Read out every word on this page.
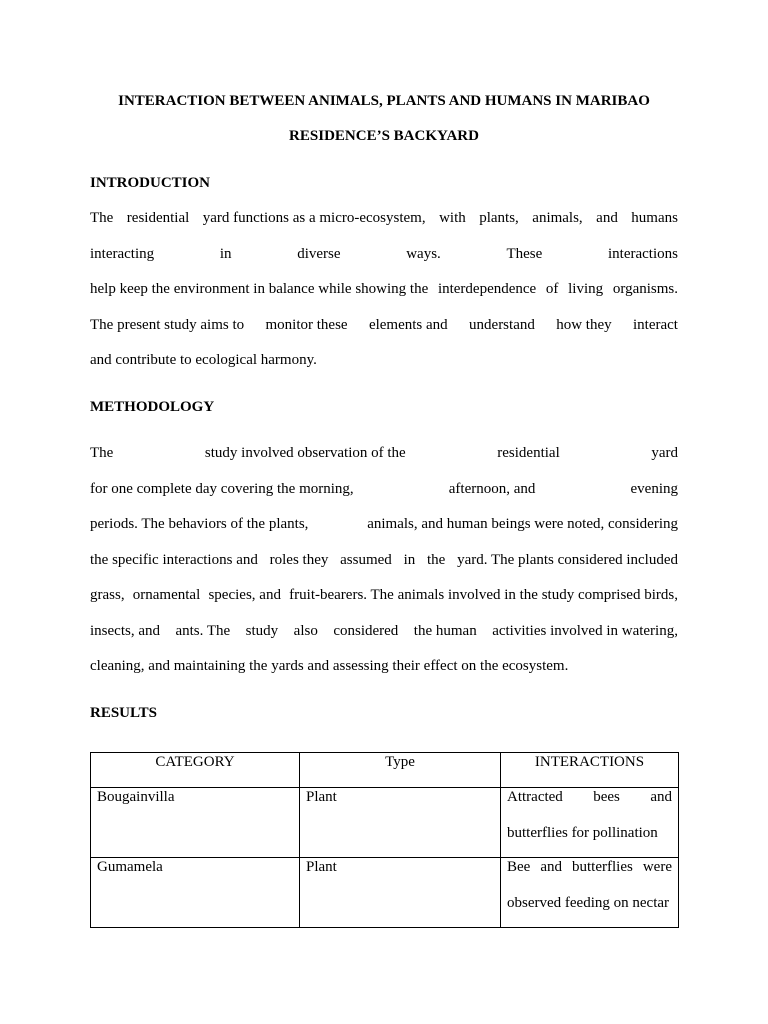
INTERACTION BETWEEN ANIMALS, PLANTS AND HUMANS IN MARIBAO
RESIDENCE’S BACKYARD
INTRODUCTION
The residential yard functions as a micro-ecosystem, with plants, animals, and humans
interacting	in	diverse	ways.	These	interactions
help keep the environment in balance while showing the interdependence of living organisms.
The present study aims to monitor these elements and understand how they interact
and contribute to ecological harmony.
METHODOLOGY
The	study involved observation of the	residential	yard
for one complete day covering the morning,	afternoon, and	evening
periods. The behaviors of the plants,	animals, and human beings were noted, considering
the specific interactions and roles they assumed in the yard. The plants considered included
grass, ornamental species, and fruit-bearers. The animals involved in the study comprised birds,
insects, and ants. The study also considered the human activities involved in watering,
cleaning, and maintaining the yards and assessing their effect on the ecosystem.
RESULTS
CATEGORY	Type	INTERACTIONS

Bougainvilla	Plant	Attracted bees and
butterflies for pollination

Gumamela	Plant	Bee and butterflies were
observed feeding on nectar
